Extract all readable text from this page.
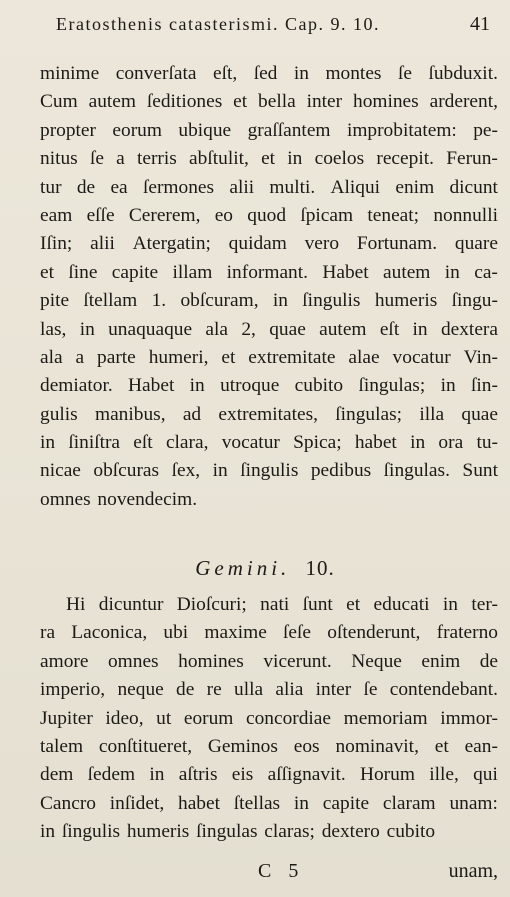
Eratosthenis catasterismi. Cap. 9. 10.	41
minime converſata eſt, ſed in montes ſe ſubduxit.
Cum autem ſeditiones et bella inter homines arderent,
propter eorum ubique graſſantem improbitatem: pe-
nitus ſe a terris abſtulit, et in coelos recepit. Ferun-
tur de ea ſermones alii multi. Aliqui enim dicunt
eam eſſe Cererem, eo quod ſpicam teneat; nonnulli
Iſin; alii Atergatin; quidam vero Fortunam. quare
et ſine capite illam informant. Habet autem in ca-
pite ſtellam 1. obſcuram, in ſingulis humeris ſingu-
las, in unaquaque ala 2, quae autem eſt in dextera
ala a parte humeri, et extremitate alae vocatur Vin-
demiator. Habet in utroque cubito ſingulas; in ſin-
gulis manibus, ad extremitates, ſingulas; illa quae
in ſiniſtra eſt clara, vocatur Spica; habet in ora tu-
nicae obſcuras ſex, in ſingulis pedibus ſingulas. Sunt
omnes novendecim.
Gemini. 10.
Hi dicuntur Dioſcuri; nati ſunt et educati in ter-
ra Laconica, ubi maxime ſeſe oſtenderunt, fraterno
amore omnes homines vicerunt. Neque enim de
imperio, neque de re ulla alia inter ſe contendebant.
Jupiter ideo, ut eorum concordiae memoriam immor-
talem conſtitueret, Geminos eos nominavit, et ean-
dem ſedem in aſtris eis aſſignavit. Horum ille, qui
Cancro inſidet, habet ſtellas in capite claram unam:
in ſingulis humeris ſingulas claras; dextero cubito
C 5	unam,
